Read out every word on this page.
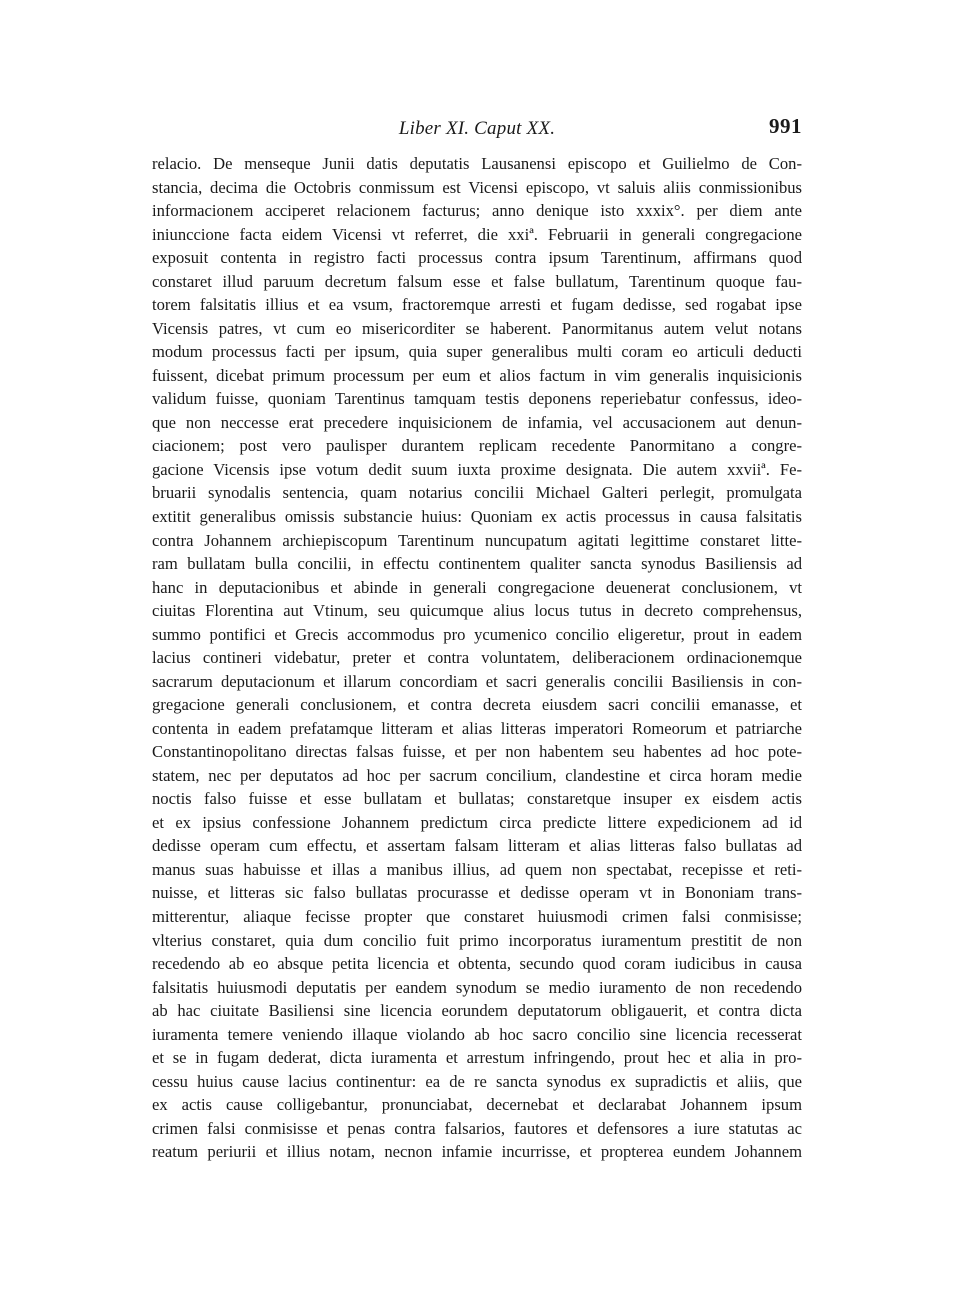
Liber XI. Caput XX.	991
relacio. De menseque Junii datis deputatis Lausanensi episcopo et Guilielmo de Con-
stancia, decima die Octobris conmissum est Vicensi episcopo, vt saluis aliis conmissionibus
informacionem acciperet relacionem facturus; anno denique isto xxxix°. per diem ante
iniunccione facta eidem Vicensi vt referret, die xxiª. Februarii in generali congregacione
exposuit contenta in registro facti processus contra ipsum Tarentinum, affirmans quod
constaret illud paruum decretum falsum esse et false bullatum, Tarentinum quoque fau-
torem falsitatis illius et ea vsum, fractoremque arresti et fugam dedisse, sed rogabat ipse
Vicensis patres, vt cum eo misericorditer se haberent. Panormitanus autem velut notans
modum processus facti per ipsum, quia super generalibus multi coram eo articuli deducti
fuissent, dicebat primum processum per eum et alios factum in vim generalis inquisicionis
validum fuisse, quoniam Tarentinus tamquam testis deponens reperiebatur confessus, ideo-
que non neccesse erat precedere inquisicionem de infamia, vel accusacionem aut denun-
ciacionem; post vero paulisper durantem replicam recedente Panormitano a congre-
gacione Vicensis ipse votum dedit suum iuxta proxime designata. Die autem xxviiª. Fe-
bruarii synodalis sentencia, quam notarius concilii Michael Galteri perlegit, promulgata
extitit generalibus omissis substancie huius: Quoniam ex actis processus in causa falsitatis
contra Johannem archiepiscopum Tarentinum nuncupatum agitati legittime constaret litte-
ram bullatam bulla concilii, in effectu continentem qualiter sancta synodus Basiliensis ad
hanc in deputacionibus et abinde in generali congregacione deuenerat conclusionem, vt
ciuitas Florentina aut Vtinum, seu quicumque alius locus tutus in decreto comprehensus,
summo pontifici et Grecis accommodus pro ycumenico concilio eligeretur, prout in eadem
lacius contineri videbatur, preter et contra voluntatem, deliberacionem ordinacionemque
sacrarum deputacionum et illarum concordiam et sacri generalis concilii Basiliensis in con-
gregacione generali conclusionem, et contra decreta eiusdem sacri concilii emanasse, et
contenta in eadem prefatamque litteram et alias litteras imperatori Romeorum et patriarche
Constantinopolitano directas falsas fuisse, et per non habentem seu habentes ad hoc pote-
statem, nec per deputatos ad hoc per sacrum concilium, clandestine et circa horam medie
noctis falso fuisse et esse bullatam et bullatas; constaretque insuper ex eisdem actis
et ex ipsius confessione Johannem predictum circa predicte littere expedicionem ad id
dedisse operam cum effectu, et assertam falsam litteram et alias litteras falso bullatas ad
manus suas habuisse et illas a manibus illius, ad quem non spectabat, recepisse et reti-
nuisse, et litteras sic falso bullatas procurasse et dedisse operam vt in Bononiam trans-
mitterentur, aliaque fecisse propter que constaret huiusmodi crimen falsi conmisisse;
vlterius constaret, quia dum concilio fuit primo incorporatus iuramentum prestitit de non
recedendo ab eo absque petita licencia et obtenta, secundo quod coram iudicibus in causa
falsitatis huiusmodi deputatis per eandem synodum se medio iuramento de non recedendo
ab hac ciuitate Basiliensi sine licencia eorundem deputatorum obligauerit, et contra dicta
iuramenta temere veniendo illaque violando ab hoc sacro concilio sine licencia recesserat
et se in fugam dederat, dicta iuramenta et arrestum infringendo, prout hec et alia in pro-
cessu huius cause lacius continentur: ea de re sancta synodus ex supradictis et aliis, que
ex actis cause colligebantur, pronunciabat, decernebat et declarabat Johannem ipsum
crimen falsi conmisisse et penas contra falsarios, fautores et defensores a iure statutas ac
reatum periurii et illius notam, necnon infamie incurrisse, et propterea eundem Johannem
